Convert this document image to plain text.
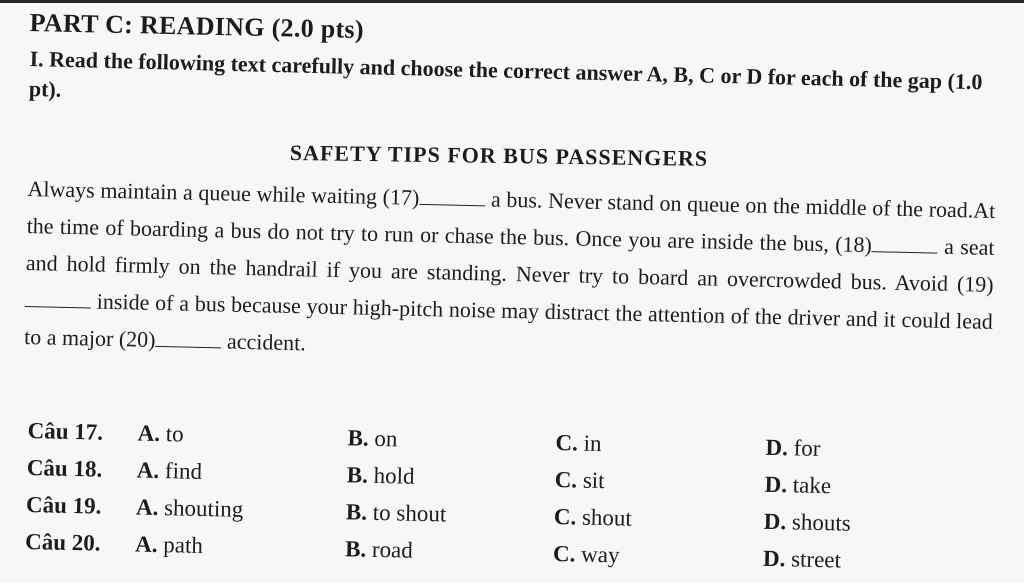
PART C: READING (2.0 pts)
I. Read the following text carefully and choose the correct answer A, B, C or D for each of the gap (1.0 pt).
SAFETY TIPS FOR BUS PASSENGERS
Always maintain a queue while waiting (17)	a bus. Never stand on queue on the middle of the road.At the time of boarding a bus do not try to run or chase the bus. Once you are inside the bus, (18)	a seat and hold firmly on the handrail if you are standing. Never try to board an overcrowded bus. Avoid (19) inside of a bus because your high-pitch noise may distract the attention of the driver and it could lead to a major (20)	accident.
Câu 17. A. to	B. on	C. in	D. for
Câu 18. A. find	B. hold	C. sit	D. take
Câu 19. A. shouting	B. to shout	C. shout	D. shouts
Câu 20. A. path	B. road	C. way	D. street
